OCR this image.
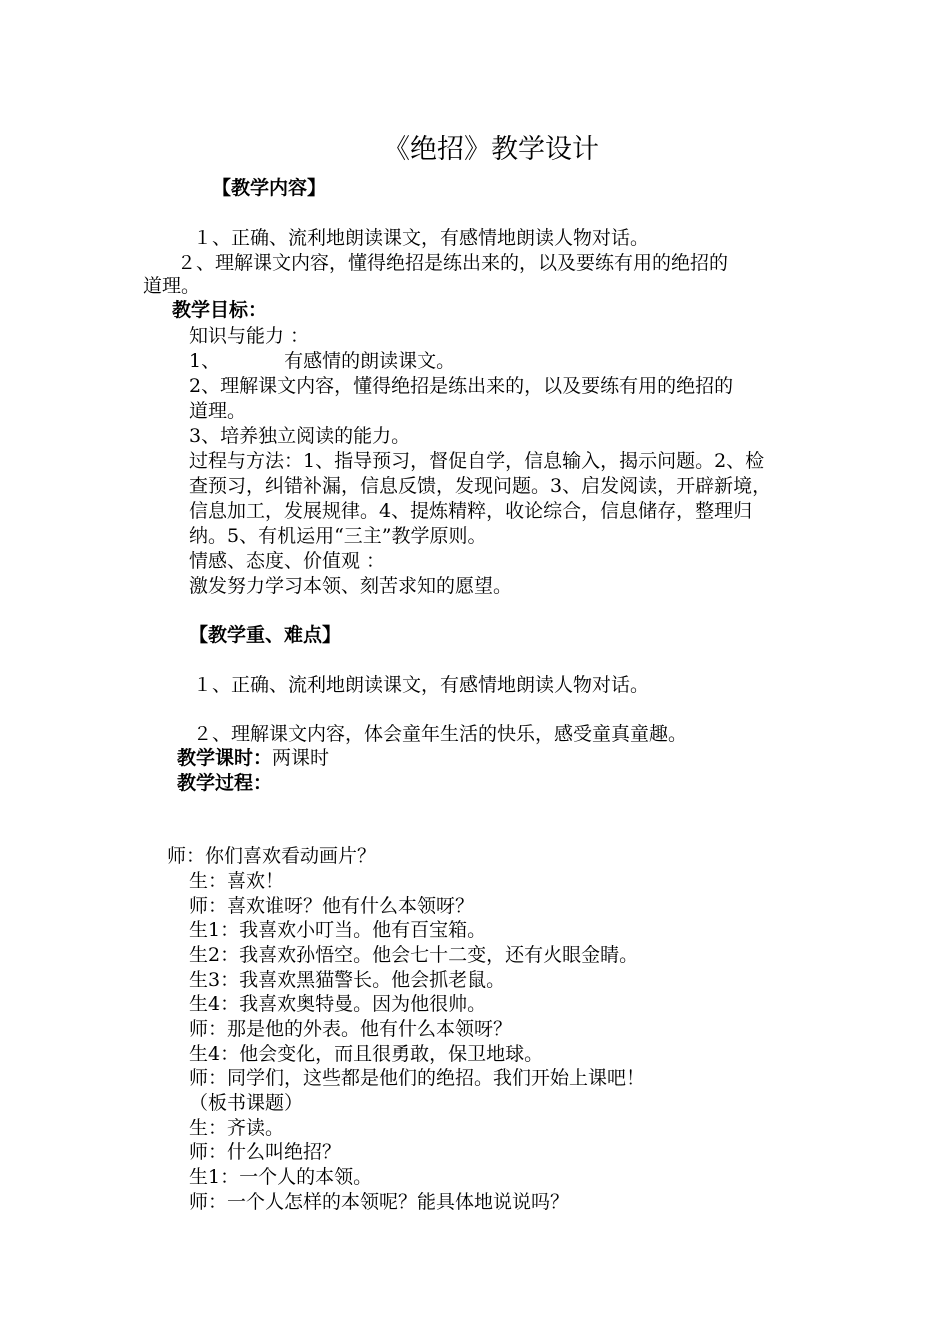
《绝招》教学设计
【教学内容】
１、正确、流利地朗读课文，有感情地朗读人物对话。
２、理解课文内容，懂得绝招是练出来的，以及要练有用的绝招的
道理。
教学目标：
知识与能力 ：
1、	有感情的朗读课文。
2、理解课文内容，懂得绝招是练出来的，以及要练有用的绝招的
道理。
3、培养独立阅读的能力。
过程与方法：1、指导预习，督促自学，信息输入，揭示问题。2、检
查预习，纠错补漏，信息反馈，发现问题。3、启发阅读，开辟新境，
信息加工，发展规律。4、提炼精粹，收论综合，信息储存，整理归
纳。5、有机运用“三主”教学原则。
情感、态度、价值观 ：
激发努力学习本领、刻苦求知的愿望。
【教学重、难点】
１、正确、流利地朗读课文，有感情地朗读人物对话。
２、理解课文内容，体会童年生活的快乐，感受童真童趣。
教学课时：两课时
教学过程：
师：你们喜欢看动画片？
生：喜欢！
师：喜欢谁呀？他有什么本领呀？
生1：我喜欢小叮当。他有百宝箱。
生2：我喜欢孙悟空。他会七十二变，还有火眼金睛。
生3：我喜欢黑猫警长。他会抓老鼠。
生4：我喜欢奥特曼。因为他很帅。
师：那是他的外表。他有什么本领呀？
生4：他会变化，而且很勇敢，保卫地球。
师：同学们，这些都是他们的绝招。我们开始上课吧！
（板书课题）
生：齐读。
师：什么叫绝招？
生1：一个人的本领。
师：一个人怎样的本领呢？能具体地说说吗？
